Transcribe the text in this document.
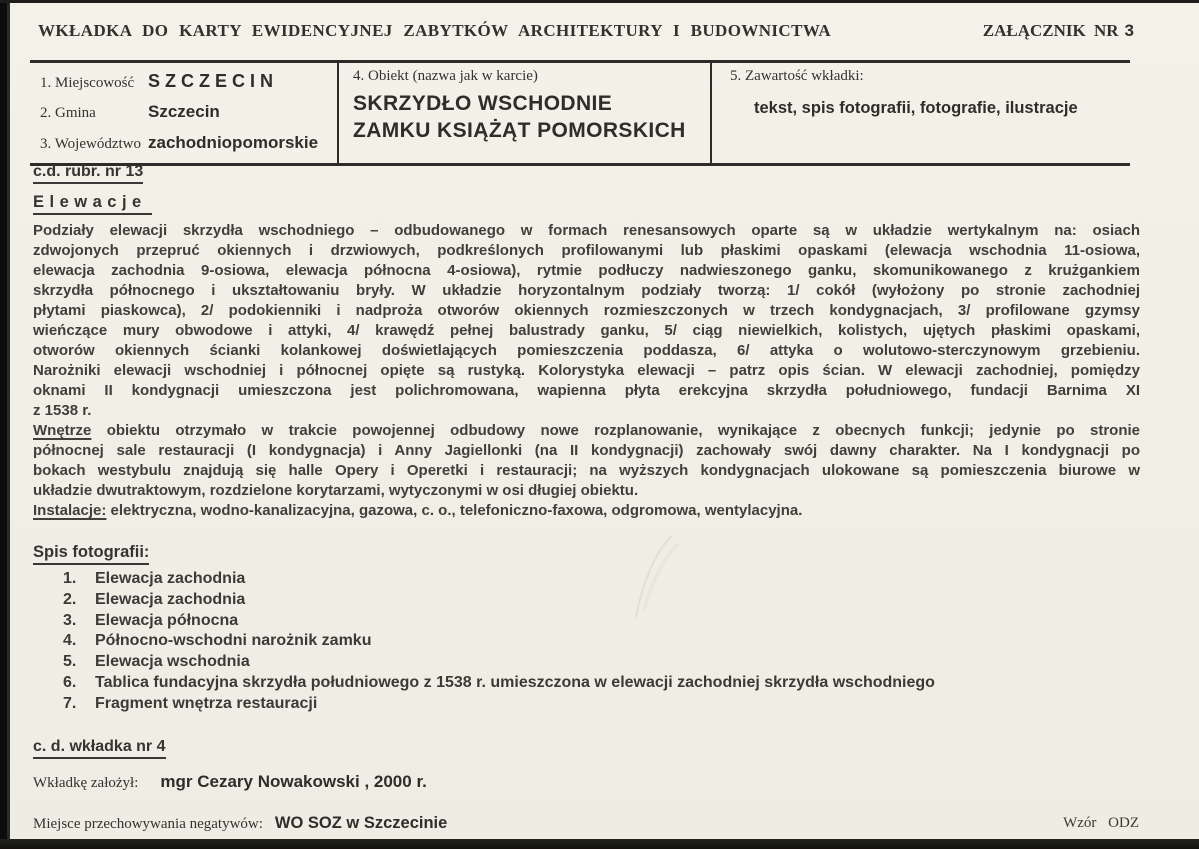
WKŁADKA DO KARTY EWIDENCYJNEJ ZABYTKÓW ARCHITEKTURY I BUDOWNICTWA	ZAŁĄCZNIK NR 3
1. Miejscowość SZCZECIN
2. Gmina	Szczecin
3. Województwo zachodniopomorskie
4. Obiekt (nazwa jak w karcie)
SKRZYDŁO WSCHODNIE
ZAMKU KSIĄŻĄT POMORSKICH
5. Zawartość wkładki:
tekst, spis fotografii, fotografie, ilustracje
c.d. rubr. nr 13
Elewacje
Podziały elewacji skrzydła wschodniego – odbudowanego w formach renesansowych oparte są w układzie wertykalnym na: osiach
zdwojonych przepruć okiennych i drzwiowych, podkreślonych profilowanymi lub płaskimi opaskami (elewacja wschodnia 11-osiowa,
elewacja zachodnia 9-osiowa, elewacja północna 4-osiowa), rytmie podłuczy nadwieszonego ganku, skomunikowanego z krużgankiem
skrzydła północnego i ukształtowaniu bryły. W układzie horyzontalnym podziały tworzą: 1/ cokół (wyłożony po stronie zachodniej
płytami piaskowca), 2/ podokienniki i nadproża otworów okiennych rozmieszczonych w trzech kondygnacjach, 3/ profilowane gzymsy
wieńczące mury obwodowe i attyki, 4/ krawędź pełnej balustrady ganku, 5/ ciąg niewielkich, kolistych, ujętych płaskimi opaskami,
otworów okiennych ścianki kolankowej doświetlających pomieszczenia poddasza, 6/ attyka o wolutowo-sterczynowym grzebieniu.
Narożniki elewacji wschodniej i północnej opięte są rustyką. Kolorystyka elewacji – patrz opis ścian. W elewacji zachodniej, pomiędzy
oknami II kondygnacji umieszczona jest polichromowana, wapienna płyta erekcyjna skrzydła południowego, fundacji Barnima XI
z 1538 r.
Wnętrze obiektu otrzymało w trakcie powojennej odbudowy nowe rozplanowanie, wynikające z obecnych funkcji; jedynie po stronie
północnej sale restauracji (I kondygnacja) i Anny Jagiellonki (na II kondygnacji) zachowały swój dawny charakter. Na I kondygnacji po
bokach westybulu znajdują się halle Opery i Operetki i restauracji; na wyższych kondygnacjach ulokowane są pomieszczenia biurowe w
układzie dwutraktowym, rozdzielone korytarzami, wytyczonymi w osi długiej obiektu.
Instalacje: elektryczna, wodno-kanalizacyjna, gazowa, c. o., telefoniczno-faxowa, odgromowa, wentylacyjna.
Spis fotografii:
1.	Elewacja zachodnia
2.	Elewacja zachodnia
3.	Elewacja północna
4.	Północno-wschodni narożnik zamku
5.	Elewacja wschodnia
6.	Tablica fundacyjna skrzydła południowego z 1538 r. umieszczona w elewacji zachodniej skrzydła wschodniego
7.	Fragment wnętrza restauracji
c. d. wkładka nr 4
Wkładkę założył: mgr Cezary Nowakowski , 2000 r.
Miejsce przechowywania negatywów: WO SOZ w Szczecinie	Wzór ODZ
